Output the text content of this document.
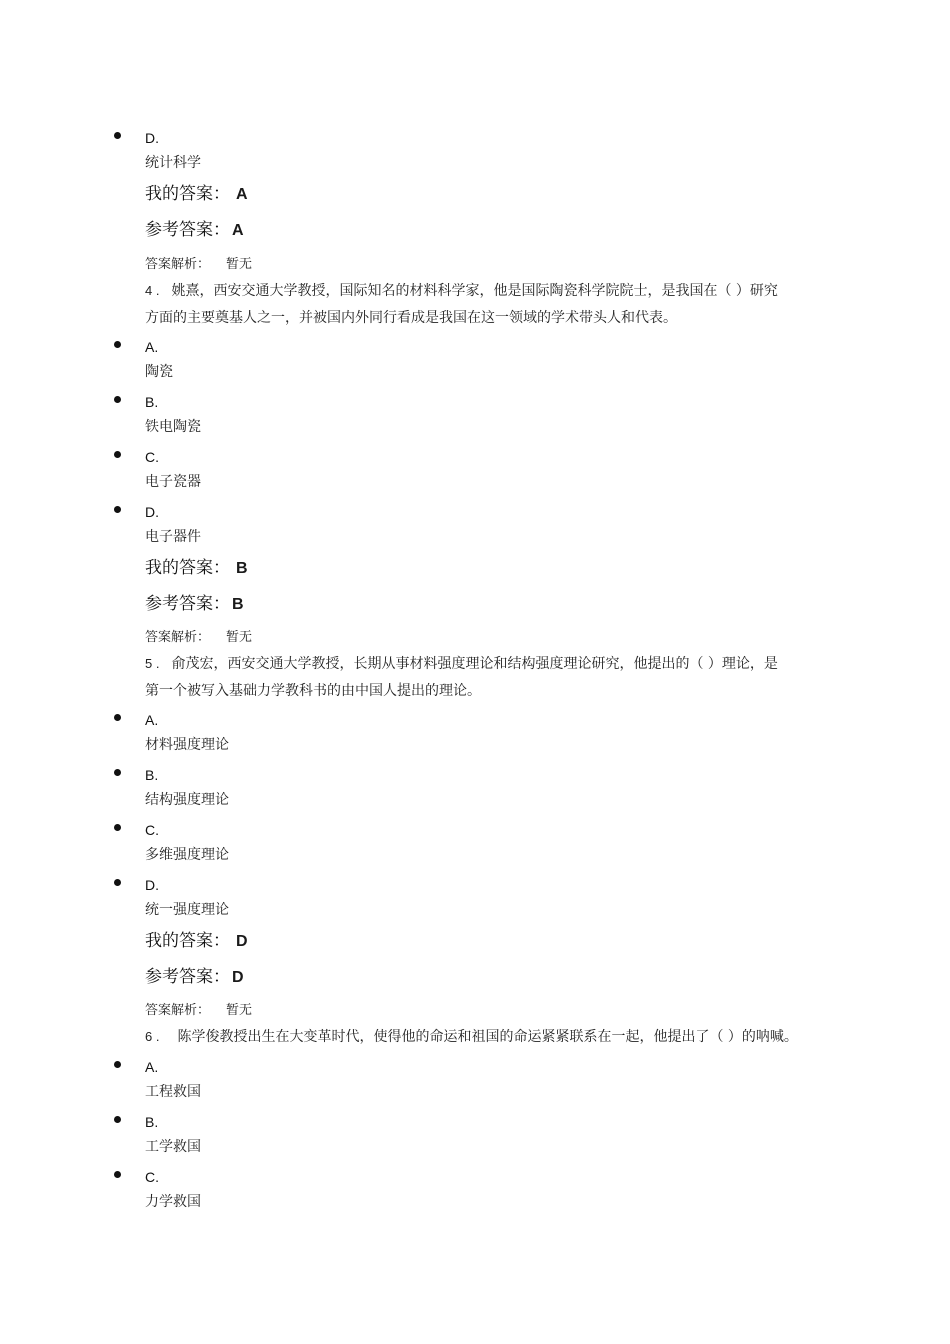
D.
统计科学
我的答案： A
参考答案： A
答案解析： 暂无
4 . 姚熹，西安交通大学教授，国际知名的材料科学家，他是国际陶瓷科学院院士，是我国在（ ）研究
方面的主要奠基人之一，并被国内外同行看成是我国在这一领域的学术带头人和代表。
A.
陶瓷
B.
铁电陶瓷
C.
电子瓷器
D.
电子器件
我的答案： B
参考答案： B
答案解析： 暂无
5 . 俞茂宏，西安交通大学教授，长期从事材料强度理论和结构强度理论研究，他提出的（ ）理论，是
第一个被写入基础力学教科书的由中国人提出的理论。
A.
材料强度理论
B.
结构强度理论
C.
多维强度理论
D.
统一强度理论
我的答案： D
参考答案： D
答案解析： 暂无
6 . 陈学俊教授出生在大变革时代，使得他的命运和祖国的命运紧紧联系在一起，他提出了（ ）的呐喊。
A.
工程救国
B.
工学救国
C.
力学救国
